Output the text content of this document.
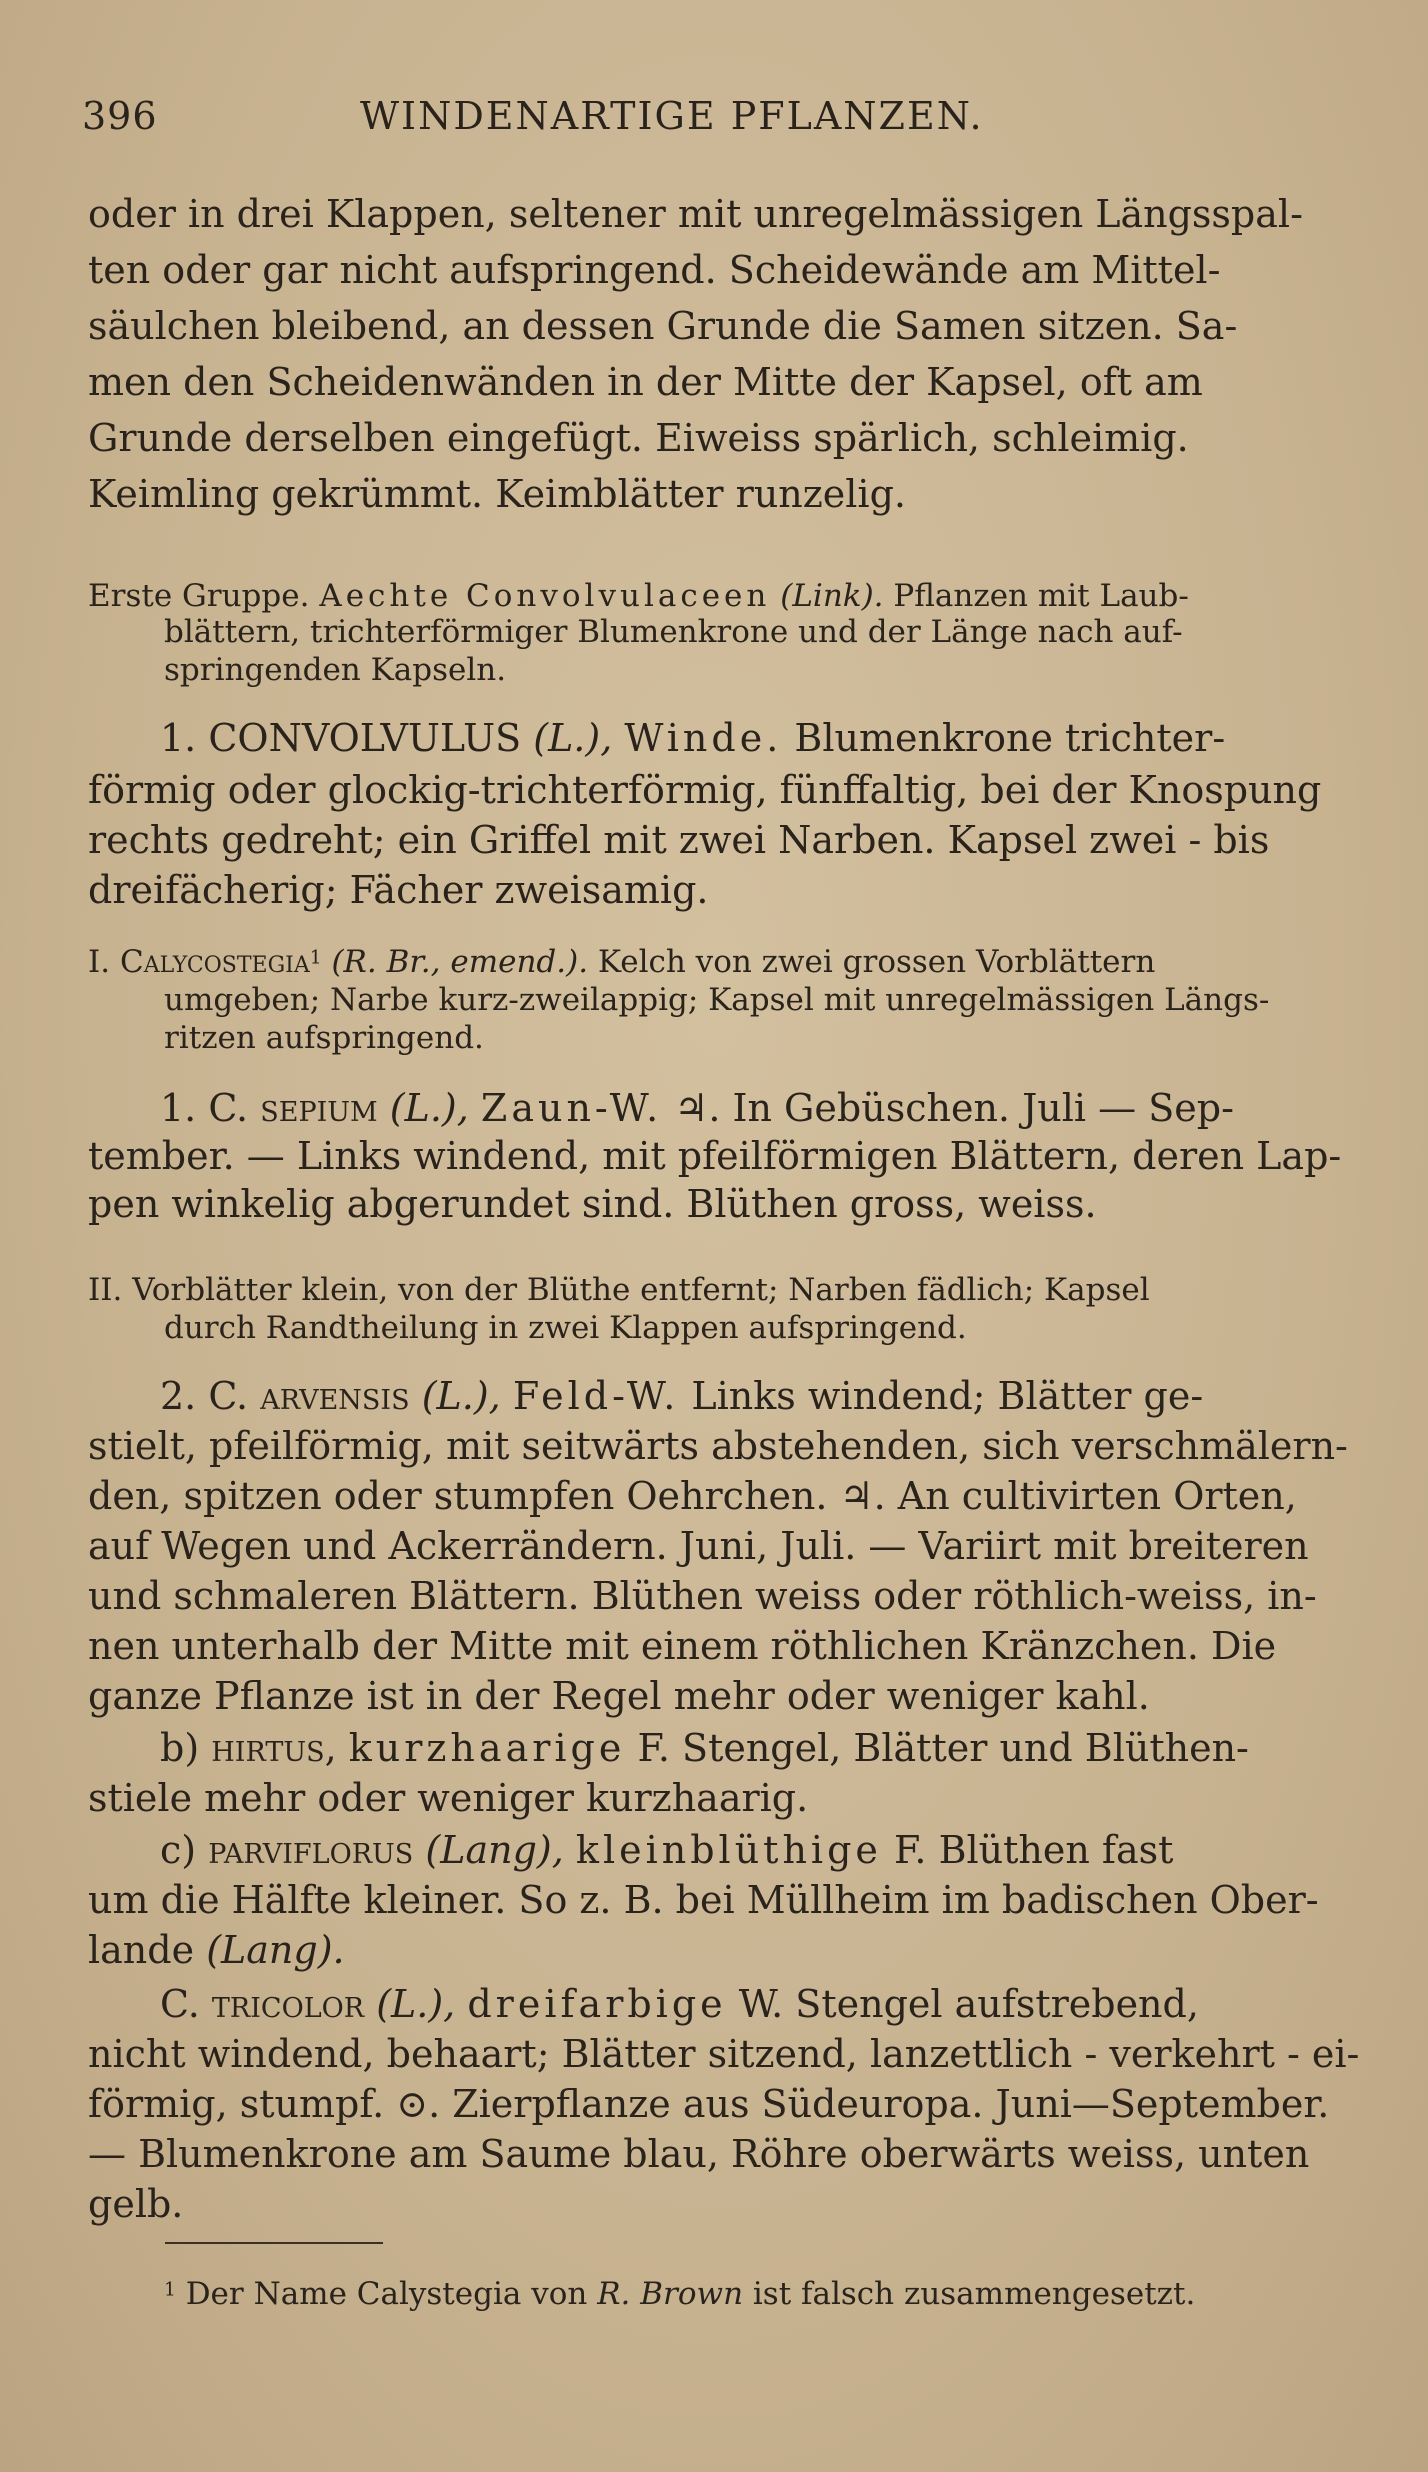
396	WINDENARTIGE PFLANZEN.
oder in drei Klappen, seltener mit unregelmässigen Längsspal-
ten oder gar nicht aufspringend. Scheidewände am Mittel-
säulchen bleibend, an dessen Grunde die Samen sitzen. Sa-
men den Scheidenwänden in der Mitte der Kapsel, oft am
Grunde derselben eingefügt. Eiweiss spärlich, schleimig.
Keimling gekrümmt. Keimblätter runzelig.
Erste Gruppe. Aechte Convolvulaceen (Link). Pflanzen mit Laub-
blättern, trichterförmiger Blumenkrone und der Länge nach auf-
springenden Kapseln.
1. CONVOLVULUS (L.), Winde. Blumenkrone trichter-
förmig oder glockig-trichterförmig, fünffaltig, bei der Knospung
rechts gedreht; ein Griffel mit zwei Narben. Kapsel zwei - bis
dreifächerig; Fächer zweisamig.
I. Calycostegia$^1$ (R. Br., emend.). Kelch von zwei grossen Vorblättern
umgeben; Narbe kurz-zweilappig; Kapsel mit unregelmässigen Längs-
ritzen aufspringend.
1. C. sepium (L.), Zaun-W. ♃. In Gebüschen. Juli — Sep-
tember. — Links windend, mit pfeilförmigen Blättern, deren Lap-
pen winkelig abgerundet sind. Blüthen gross, weiss.
II. Vorblätter klein, von der Blüthe entfernt; Narben fädlich; Kapsel
durch Randtheilung in zwei Klappen aufspringend.
2. C. arvensis (L.), Feld-W. Links windend; Blätter ge-
stielt, pfeilförmig, mit seitwärts abstehenden, sich verschmälern-
den, spitzen oder stumpfen Oehrchen. ♃. An cultivirten Orten,
auf Wegen und Ackerrändern. Juni, Juli. — Variirt mit breiteren
und schmaleren Blättern. Blüthen weiss oder röthlich-weiss, in-
nen unterhalb der Mitte mit einem röthlichen Kränzchen. Die
ganze Pflanze ist in der Regel mehr oder weniger kahl.
b) hirtus, kurzhaarige F. Stengel, Blätter und Blüthen-
stiele mehr oder weniger kurzhaarig.
c) parviflorus (Lang), kleinblüthige F. Blüthen fast
um die Hälfte kleiner. So z. B. bei Müllheim im badischen Ober-
lande (Lang).
C. tricolor (L.), dreifarbige W. Stengel aufstrebend,
nicht windend, behaart; Blätter sitzend, lanzettlich - verkehrt - ei-
förmig, stumpf. ⊙. Zierpflanze aus Südeuropa. Juni—September.
— Blumenkrone am Saume blau, Röhre oberwärts weiss, unten
gelb.
$^1$ Der Name Calystegia von R. Brown ist falsch zusammengesetzt.
